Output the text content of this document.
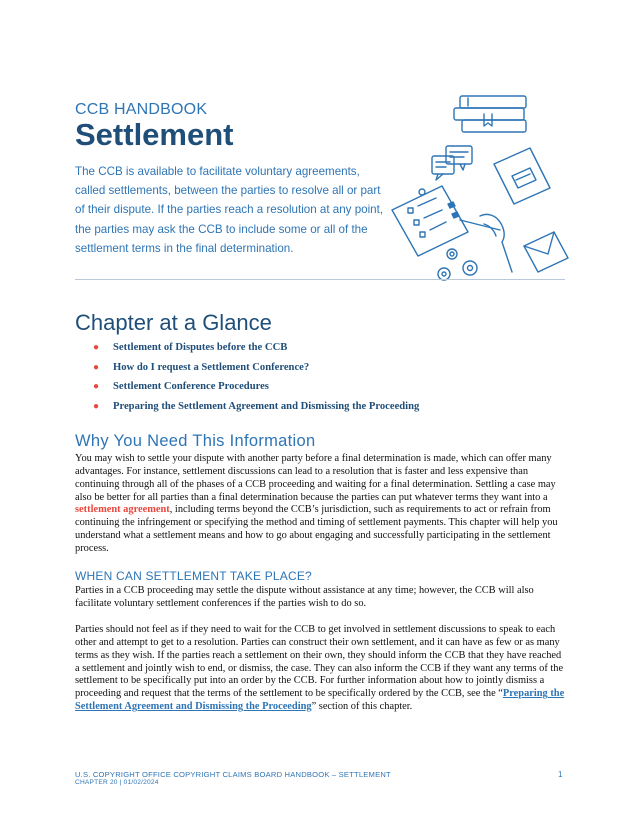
CCB HANDBOOK
Settlement
The CCB is available to facilitate voluntary agreements, called settlements, between the parties to resolve all or part of their dispute. If the parties reach a resolution at any point, the parties may ask the CCB to include some or all of the settlement terms in the final determination.
Chapter at a Glance
● Settlement of Disputes before the CCB
● How do I request a Settlement Conference?
● Settlement Conference Procedures
● Preparing the Settlement Agreement and Dismissing the Proceeding
Why You Need This Information
You may wish to settle your dispute with another party before a final determination is made, which can offer many advantages. For instance, settlement discussions can lead to a resolution that is faster and less expensive than continuing through all of the phases of a CCB proceeding and waiting for a final determination. Settling a case may also be better for all parties than a final determination because the parties can put whatever terms they want into a settlement agreement, including terms beyond the CCB’s jurisdiction, such as requirements to act or refrain from continuing the infringement or specifying the method and timing of settlement payments. This chapter will help you understand what a settlement means and how to go about engaging and successfully participating in the settlement process.
WHEN CAN SETTLEMENT TAKE PLACE?
Parties in a CCB proceeding may settle the dispute without assistance at any time; however, the CCB will also facilitate voluntary settlement conferences if the parties wish to do so.
Parties should not feel as if they need to wait for the CCB to get involved in settlement discussions to speak to each other and attempt to get to a resolution. Parties can construct their own settlement, and it can have as few or as many terms as they wish. If the parties reach a settlement on their own, they should inform the CCB that they have reached a settlement and jointly wish to end, or dismiss, the case. They can also inform the CCB if they want any terms of the settlement to be specifically put into an order by the CCB. For further information about how to jointly dismiss a proceeding and request that the terms of the settlement to be specifically ordered by the CCB, see the “Preparing the Settlement Agreement and Dismissing the Proceeding” section of this chapter.
U.S. COPYRIGHT OFFICE COPYRIGHT CLAIMS BOARD HANDBOOK – SETTLEMENT
CHAPTER 20 | 01/02/2024
1
